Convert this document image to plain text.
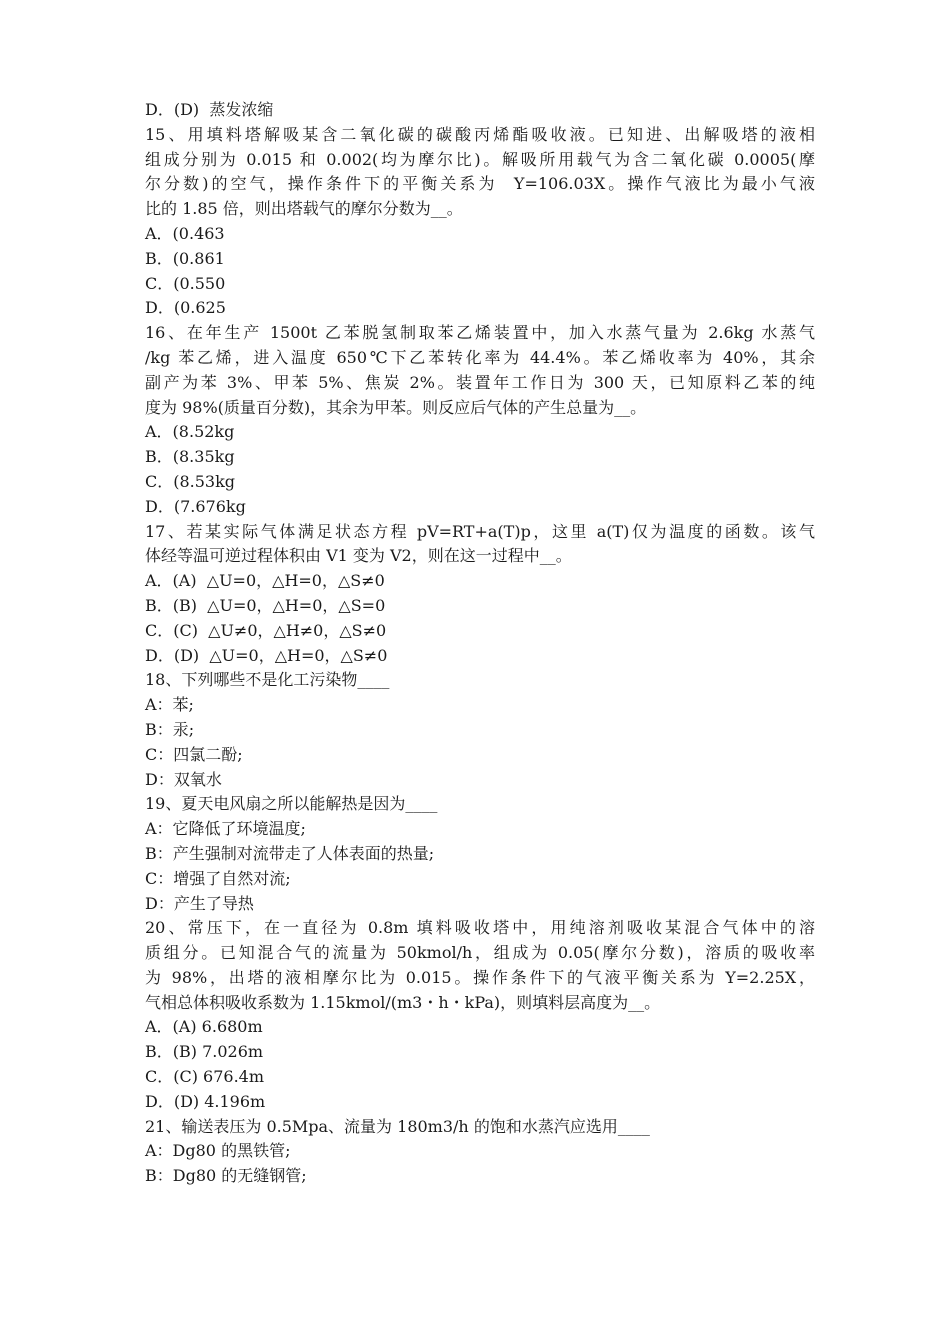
D．(D)  蒸发浓缩
15、用填料塔解吸某含二氧化碳的碳酸丙烯酯吸收液。已知进、出解吸塔的液相
组成分别为 0.015 和 0.002(均为摩尔比)。解吸所用载气为含二氧化碳 0.0005(摩
尔分数)的空气，操作条件下的平衡关系为  Y=106.03X。操作气液比为最小气液
比的 1.85 倍，则出塔载气的摩尔分数为__。
A．(0.463
B．(0.861
C．(0.550
D．(0.625
16、在年生产 1500t 乙苯脱氢制取苯乙烯装置中，加入水蒸气量为 2.6kg 水蒸气
/kg 苯乙烯，进入温度 650℃下乙苯转化率为 44.4%。苯乙烯收率为 40%，其余
副产为苯 3%、甲苯 5%、焦炭 2%。装置年工作日为 300 天，已知原料乙苯的纯
度为 98%(质量百分数)，其余为甲苯。则反应后气体的产生总量为__。
A．(8.52kg
B．(8.35kg
C．(8.53kg
D．(7.676kg
17、若某实际气体满足状态方程 pV=RT+a(T)p，这里 a(T)仅为温度的函数。该气
体经等温可逆过程体积由 V1 变为 V2，则在这一过程中__。
A．(A)  △U=0，△H=0，△S≠0
B．(B)  △U=0，△H=0，△S=0
C．(C)  △U≠0，△H≠0，△S≠0
D．(D)  △U=0，△H=0，△S≠0
18、下列哪些不是化工污染物____
A：苯;
B：汞;
C：四氯二酚;
D：双氧水
19、夏天电风扇之所以能解热是因为____
A：它降低了环境温度;
B：产生强制对流带走了人体表面的热量;
C：增强了自然对流;
D：产生了导热
20、常压下，在一直径为 0.8m 填料吸收塔中，用纯溶剂吸收某混合气体中的溶
质组分。已知混合气的流量为 50kmol/h，组成为 0.05(摩尔分数)，溶质的吸收率
为 98%，出塔的液相摩尔比为 0.015。操作条件下的气液平衡关系为 Y=2.25X，
气相总体积吸收系数为 1.15kmol/(m3・h・kPa)，则填料层高度为__。
A．(A) 6.680m
B．(B) 7.026m
C．(C) 676.4m
D．(D) 4.196m
21、输送表压为 0.5Mpa、流量为 180m3/h 的饱和水蒸汽应选用____
A：Dg80 的黑铁管;
B：Dg80 的无缝钢管;
